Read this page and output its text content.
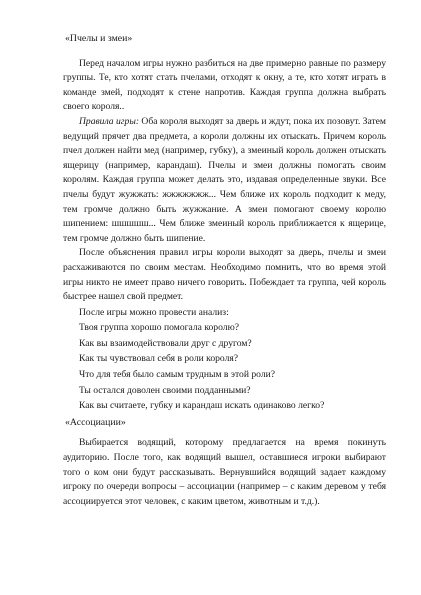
«Пчелы и змеи»

Перед началом игры нужно разбиться на две примерно равные по размеру группы. Те, кто хотят стать пчелами, отходят к окну, а те, кто хотят играть в команде змей, подходят к стене напротив. Каждая группа должна выбрать своего короля..

Правила игры: Оба короля выходят за дверь и ждут, пока их позовут. Затем ведущий прячет два предмета, а короли должны их отыскать. Причем король пчел должен найти мед (например, губку), а змеиный король должен отыскать ящерицу (например, карандаш). Пчелы и змеи должны помогать своим королям. Каждая группа может делать это, издавая определенные звуки. Все пчелы будут жужжать: жжжжжжж... Чем ближе их король подходит к меду, тем громче должно быть жужжание. А змеи помогают своему королю шипением: шшшшш... Чем ближе змеиный король приближается к ящерице, тем громче должно быть шипение.

После объяснения правил игры короли выходят за дверь, пчелы и змеи расхаживаются по своим местам. Необходимо помнить, что во время этой игры никто не имеет право ничего говорить. Побеждает та группа, чей король быстрее нашел свой предмет.

После игры можно провести анализ:

Твоя группа хорошо помогала королю?

Как вы взаимодействовали друг с другом?

Как ты чувствовал себя в роли короля?

Что для тебя было самым трудным в этой роли?

Ты остался доволен своими подданными?

Как вы считаете, губку и карандаш искать одинаково легко?

«Ассоциации»

Выбирается водящий, которому предлагается на время покинуть аудиторию. После того, как водящий вышел, оставшиеся игроки выбирают того о ком они будут рассказывать. Вернувшийся водящий задает каждому игроку по очереди вопросы – ассоциации (например – с каким деревом у тебя ассоциируется этот человек, с каким цветом, животным и т.д.).
